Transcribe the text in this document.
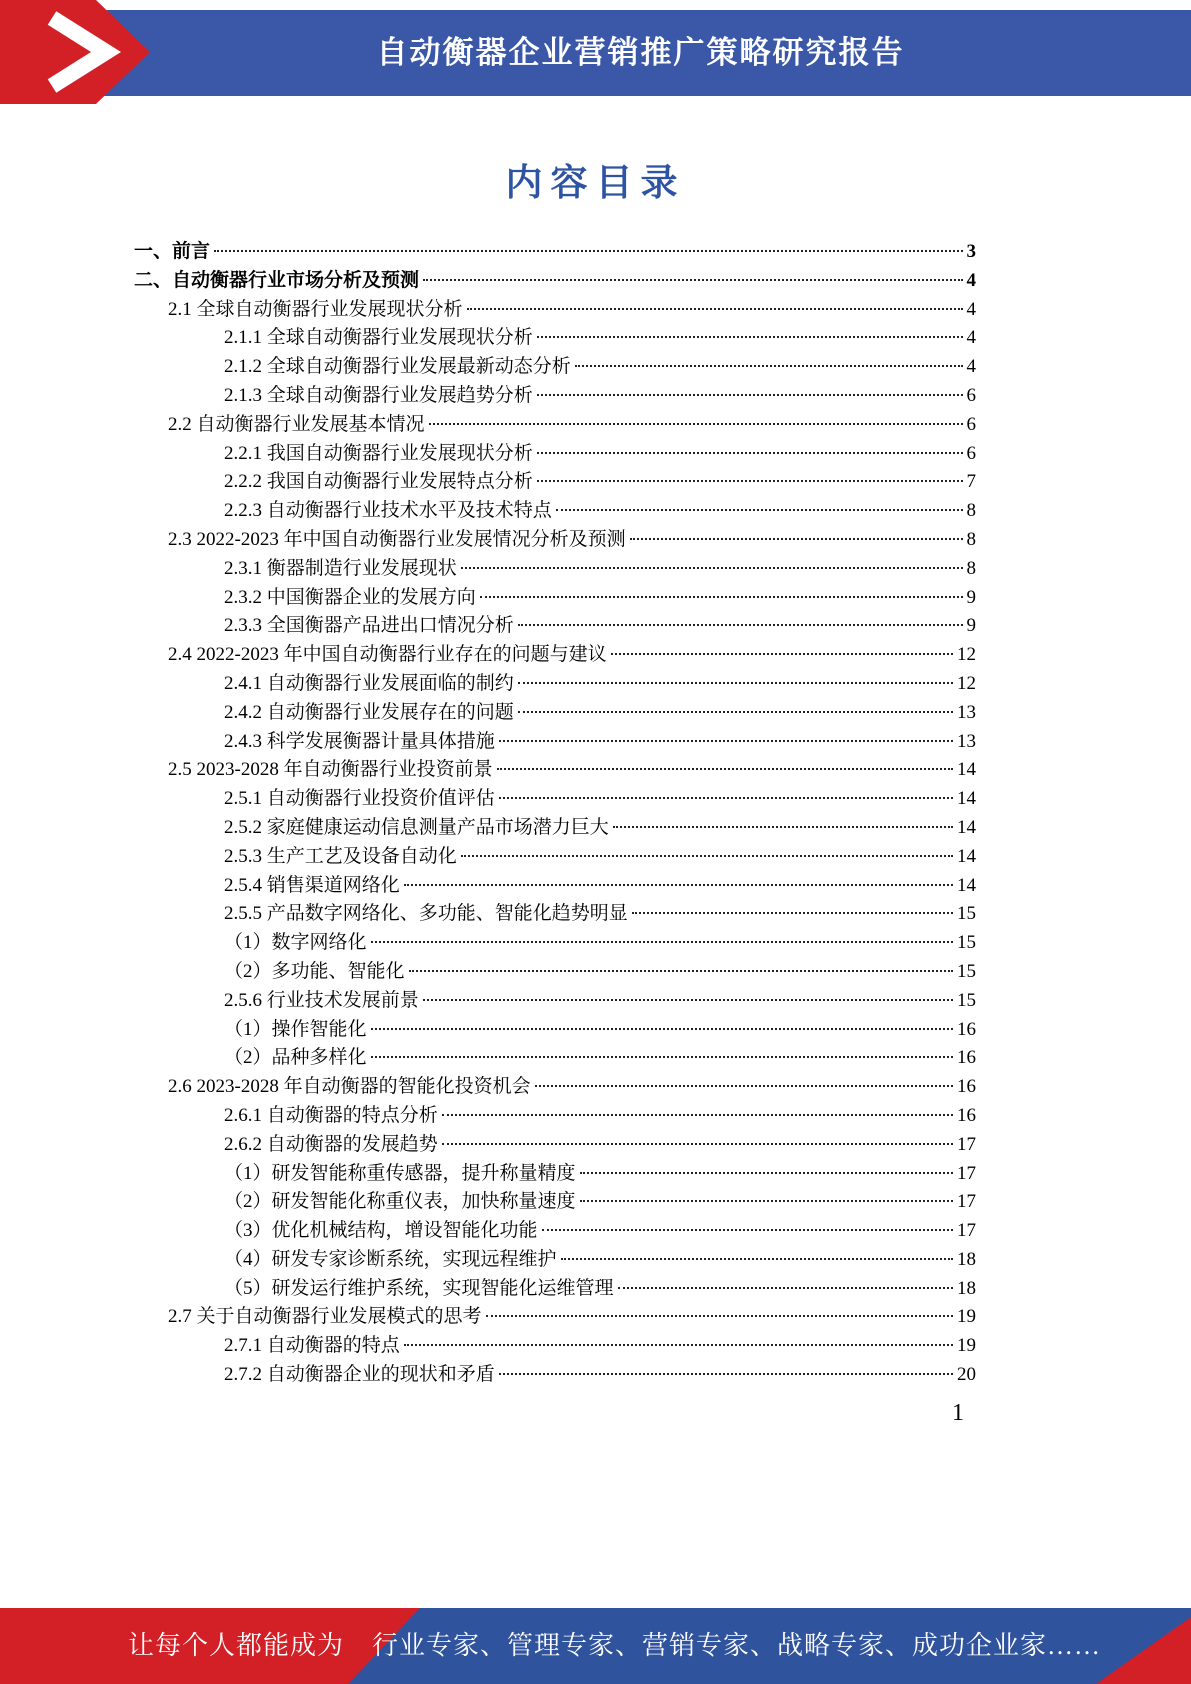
自动衡器企业营销推广策略研究报告
内容目录
一、前言	3
二、自动衡器行业市场分析及预测	4
2.1 全球自动衡器行业发展现状分析	4
2.1.1 全球自动衡器行业发展现状分析	4
2.1.2 全球自动衡器行业发展最新动态分析	4
2.1.3 全球自动衡器行业发展趋势分析	6
2.2 自动衡器行业发展基本情况	6
2.2.1 我国自动衡器行业发展现状分析	6
2.2.2 我国自动衡器行业发展特点分析	7
2.2.3 自动衡器行业技术水平及技术特点	8
2.3 2022-2023 年中国自动衡器行业发展情况分析及预测	8
2.3.1 衡器制造行业发展现状	8
2.3.2 中国衡器企业的发展方向	9
2.3.3 全国衡器产品进出口情况分析	9
2.4 2022-2023 年中国自动衡器行业存在的问题与建议	12
2.4.1 自动衡器行业发展面临的制约	12
2.4.2 自动衡器行业发展存在的问题	13
2.4.3 科学发展衡器计量具体措施	13
2.5 2023-2028 年自动衡器行业投资前景	14
2.5.1 自动衡器行业投资价值评估	14
2.5.2 家庭健康运动信息测量产品市场潜力巨大	14
2.5.3 生产工艺及设备自动化	14
2.5.4 销售渠道网络化	14
2.5.5 产品数字网络化、多功能、智能化趋势明显	15
（1）数字网络化	15
（2）多功能、智能化	15
2.5.6 行业技术发展前景	15
（1）操作智能化	16
（2）品种多样化	16
2.6 2023-2028 年自动衡器的智能化投资机会	16
2.6.1 自动衡器的特点分析	16
2.6.2 自动衡器的发展趋势	17
（1）研发智能称重传感器，提升称量精度	17
（2）研发智能化称重仪表，加快称量速度	17
（3）优化机械结构，增设智能化功能	17
（4）研发专家诊断系统，实现远程维护	18
（5）研发运行维护系统，实现智能化运维管理	18
2.7 关于自动衡器行业发展模式的思考	19
2.7.1 自动衡器的特点	19
2.7.2 自动衡器企业的现状和矛盾	20
1
让每个人都能成为 行业专家、管理专家、营销专家、战略专家、成功企业家……
